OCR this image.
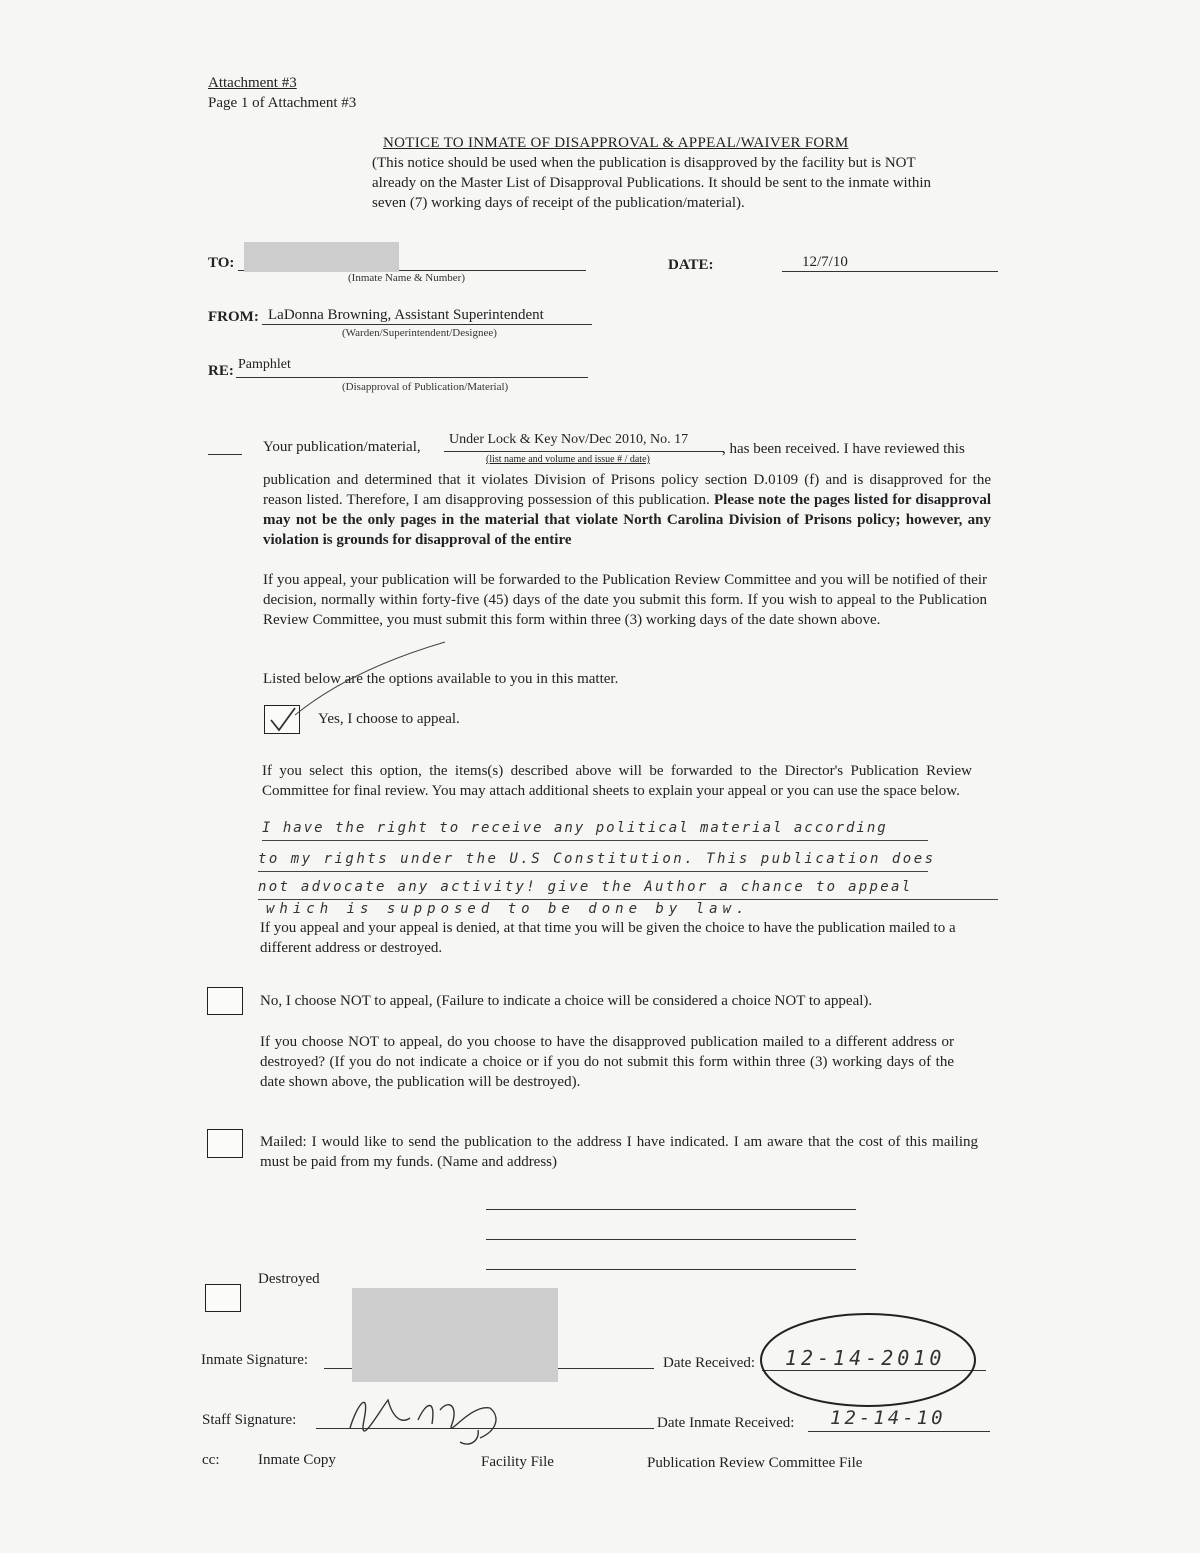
Attachment #3
Page 1 of Attachment #3
NOTICE TO INMATE OF DISAPPROVAL & APPEAL/WAIVER FORM
(This notice should be used when the publication is disapproved by the facility but is NOT already on the Master List of Disapproval Publications. It should be sent to the inmate within seven (7) working days of receipt of the publication/material).
TO:
(Inmate Name & Number)
DATE:	12/7/10
FROM: LaDonna Browning, Assistant Superintendent
(Warden/Superintendent/Designee)
RE: Pamphlet
(Disapproval of Publication/Material)
Your publication/material, Under Lock & Key Nov/Dec 2010, No. 17
, has been received. I have reviewed this
(list name and volume and issue # / date)
publication and determined that it violates Division of Prisons policy section D.0109 (f) and is disapproved for the reason listed. Therefore, I am disapproving possession of this publication. Please note the pages listed for disapproval may not be the only pages in the material that violate North Carolina Division of Prisons policy; however, any violation is grounds for disapproval of the entire
If you appeal, your publication will be forwarded to the Publication Review Committee and you will be notified of their decision, normally within forty-five (45) days of the date you submit this form. If you wish to appeal to the Publication Review Committee, you must submit this form within three (3) working days of the date shown above.
Listed below are the options available to you in this matter.
Yes, I choose to appeal.
If you select this option, the items(s) described above will be forwarded to the Director's Publication Review Committee for final review. You may attach additional sheets to explain your appeal or you can use the space below.
I have the right to receive any political material according
to my rights under the U.S Constitution. This publication does
not advocate any activity! give the Author a chance to appeal
which is supposed to be done by law.
If you appeal and your appeal is denied, at that time you will be given the choice to have the publication mailed to a different address or destroyed.
No, I choose NOT to appeal, (Failure to indicate a choice will be considered a choice NOT to appeal).
If you choose NOT to appeal, do you choose to have the disapproved publication mailed to a different address or destroyed? (If you do not indicate a choice or if you do not submit this form within three (3) working days of the date shown above, the publication will be destroyed).
Mailed: I would like to send the publication to the address I have indicated. I am aware that the cost of this mailing must be paid from my funds. (Name and address)
Destroyed
Inmate Signature:	Date Received: 12-14-2010
Staff Signature:	Date Inmate Received: 12-14-10
cc:	Inmate Copy	Facility File	Publication Review Committee File
